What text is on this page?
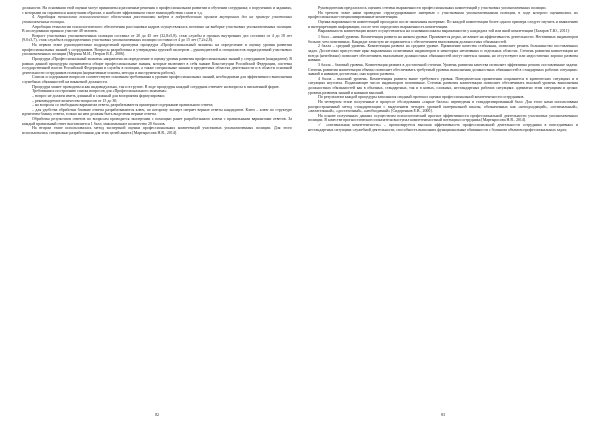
должности. На основании этой оценки могут приниматься различные решения о профессиональном развитии и обучении сотрудника; о поручениях и заданиях, с которыми он справиться наилучшим образом, о наиболее эффективном стиле взаимодействия с ним и т.д.

4. Апробация технологии психологического обеспечения расстановки кадров в подразделениях органов внутренних дел на примере участковых уполномоченных полиции.

Апробация технологии психологического обеспечения расстановки кадров осуществлялась поэтапно на выборке участковых уполномоченных полиции. В исследовании приняло участие 48 человек.

Возраст участковых уполномоченных полиции составил от 20 до 45 лет (32,8±5,8), стаж службы в органах внутренних дел составил от 4 до 18 лет (9,0±3,7), стаж службы в подразделениях участковых уполномоченных полиции составил от 4 до 15 лет (7,2±2,8).

На первом этапе руководителями подразделений проведена процедура «Профессиональный экзамен» на определение и оценку уровня развития профессиональных знаний у сотрудников. Вопросы разработаны и утверждены группой экспертов – руководителей и специалистов подразделений участковых уполномоченных полиции [Мурзин М.И., Петров В.Е., 2006].

Процедура «Профессиональный экзамен» направлена на определение и оценку уровня развития профессиональных знаний у сотрудников (кандидатов). В рамках данной процедуры оцениваются общие профессиональные знания, которые включают в себя знание Конституции Российской Федерации, системы государственной власти Российской Федерации и службы в полиции, а также специальные знания в предметных областях деятельности и в области основной деятельности сотрудников полиции (нормативные основы, методы и инструменты работы).

Список и содержание вопросов соответствуют основным требованиям к уровню профессиональных знаний, необходимым для эффективного выполнения служебных обязанностей на вакантной должности.

Процедура может проводиться как индивидуально, так и в группе. В ходе процедуры каждый сотрудник отвечает на вопросы в письменной форме.

Требования к построению списка вопросов для «Профессионального экзамена»:

– вопрос не должен иметь длинный и сложный для восприятия формулировки;

– рекомендуемое количество вопросов от 15 до 30;

– на вопросы со свободным вариантом ответа, разрабатывается примерное содержание правильного ответа;

– для удобства обработки близкие ответы разрабатываются ключ, по которому эксперт сверяет верные ответы кандидатов. Ключ – ключ по структуре идентичен бланку ответа, только на нем должны быть выделены верные ответы.

Обработка результатов ответов по вопросам проводится экспертами с помощью ранее разработанного ключа с правильными вариантами ответов. За каждый правильный ответ выставляется 1 балл, максимальное количество 20 баллов.

На втором этапе использовалась метод экспертной оценки профессиональных компетенций участковых уполномоченных полиции. Для этого использовалась специально разработанная для этих целей анкета [Мартыросова Н.В., 2014].

82

Руководителям предлагалось оценить степень выраженности профессиональных компетенций у участковых уполномоченных полиции.

На третьем этапе нами проведено структурированное интервью с участковыми уполномоченными полиции, в ходе которого оценивались их профессионально-специализированные компетенции.

Оценка выраженности компетенций проходила после окончания интервью. По каждой компетенции более одного примера следует изучить и выявлению и интерпретацию информации, после чего определить выраженность компетенции.

Выраженность компетенции может осуществляться на основании шкалы выраженности у кандидата той или иной компетенции [Базаров Т.Ю., 2011]:

1 балл – низкий уровень. Компетенция развита на низком уровне. Проявляется редко, не влияет на эффективность деятельности. Негативных индикаторов больше, чем позитивных. Кандидат зачастую не справляется с обеспечением выполнения должностных обязанностей.

2 балла – средний уровень. Компетенция развита на среднем уровне. Проявление качества стабильны, позволяет решать большинство поставленных задач. Достаточно присутствие ярко выраженных позитивных индикаторов и некоторых негативных и отдельных областях. Степень развития компетенции не всегда (неизбежно) позволяет обеспечивать выполнение должностных обязанностей могут иметься знания, но отсутствуют или недостаточно хорошо развиты навыки.

3 балла – базовый уровень. Компетенция развита в достаточной степени. Уровень развития качества позволяет эффективно решать поставленные задачи. Степень развития компетенции обычно позволяет обеспечивать требуемый уровень выполнения должностных обязанностей в стандартных рабочих ситуациях: знаний и навыков достаточно, они хорошо развиты.

4 балла – высокий уровень. Компетенция развита выше требуемого уровня. Поведенческая проявления сохраняется в критических ситуациях и в ситуациях неуспеха. Подавляющее число индикаторов позитивные. Степень развития компетенции позволяет обеспечивать высокий уровень выполнения должностных обязанностей как в обычных, стандартных, так и в новых, сложных, нестандартных рабочих ситуациях: адекватно этим ситуациям и целям: уровень развития знаний и навыков высокий.

По результатам каждой процедуры заполнялся сводный протокол оценки профессиональной компетентности сотрудников.

На четвертом этапе полученные в процессе обследования «сырые баллы» переведены в стандартизированный балл. Для этого нами использованы распространенный метод стандартизации с выделением четырех уровней интервальной шкалы, обозначенных как «неподходящий», «оптимальный», «желательный», «достаточный», «необходимый» [Сидоренков Е.В., 2000].

На основе полученных данных осуществлен психологический прогноз эффективности профессиональной деятельности участковых уполномоченных полиции. В качестве прогностического показателя выступал компетентностный потенциал сотрудника [Мартыросова Н.В., 2014].

✓ «оптимальная компетентность» – прогнозируется высокая эффективность профессиональной деятельности сотрудника в повседневных и нестандартных ситуациях служебной деятельности, способность выполнять функциональные обязанности с большим объемом профессиональных задач;

83
